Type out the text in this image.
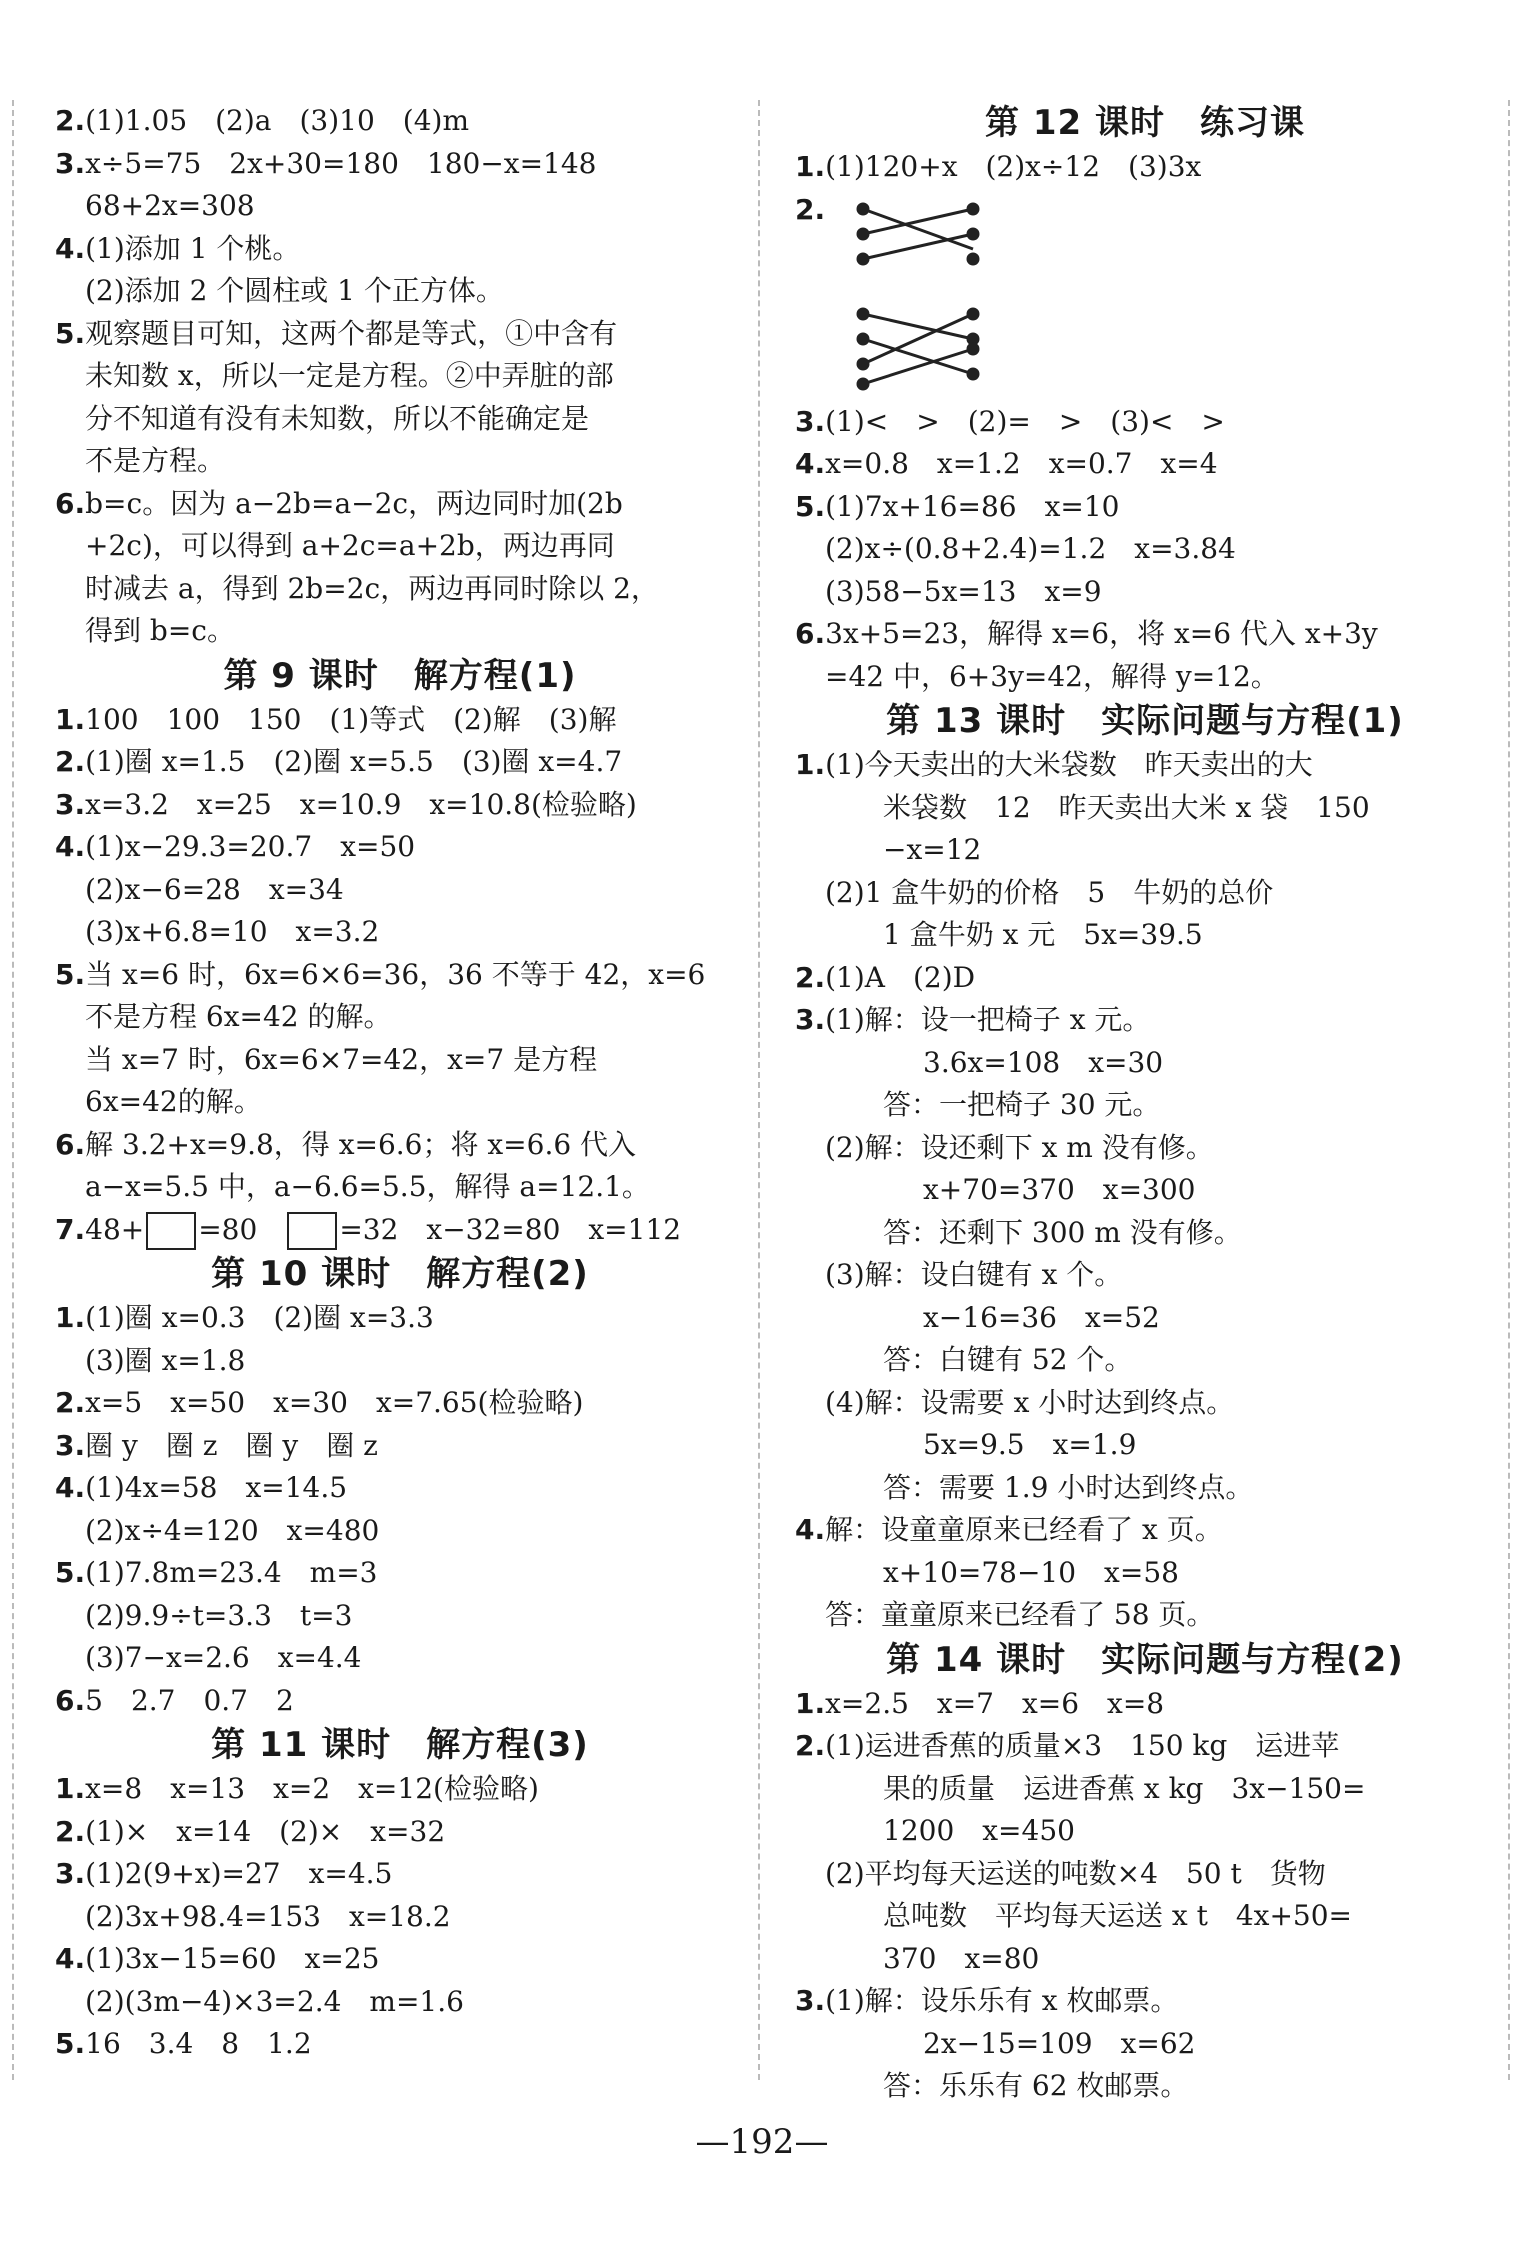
2.(1)1.05　(2)a　(3)10　(4)m
3.x÷5=75　2x+30=180　180−x=148
68+2x=308
4.(1)添加 1 个桃。
(2)添加 2 个圆柱或 1 个正方体。
5.观察题目可知，这两个都是等式，①中含有
未知数 x，所以一定是方程。②中弄脏的部
分不知道有没有未知数，所以不能确定是
不是方程。
6.b=c。因为 a−2b=a−2c，两边同时加(2b
+2c)，可以得到 a+2c=a+2b，两边再同
时减去 a，得到 2b=2c，两边再同时除以 2，
得到 b=c。
第 9 课时　解方程(1)
1.100　100　150　(1)等式　(2)解　(3)解
2.(1)圈 x=1.5　(2)圈 x=5.5　(3)圈 x=4.7
3.x=3.2　x=25　x=10.9　x=10.8(检验略)
4.(1)x−29.3=20.7　x=50
(2)x−6=28　x=34
(3)x+6.8=10　x=3.2
5.当 x=6 时，6x=6×6=36，36 不等于 42，x=6
不是方程 6x=42 的解。
当 x=7 时，6x=6×7=42，x=7 是方程
6x=42的解。
6.解 3.2+x=9.8，得 x=6.6；将 x=6.6 代入
a−x=5.5 中，a−6.6=5.5，解得 a=12.1。
7.48+ =80　	=32　x−32=80　x=112
第 10 课时　解方程(2)
1.(1)圈 x=0.3　(2)圈 x=3.3
(3)圈 x=1.8
2.x=5　x=50　x=30　x=7.65(检验略)
3.圈 y　圈 z　圈 y　圈 z
4.(1)4x=58　x=14.5
(2)x÷4=120　x=480
5.(1)7.8m=23.4　m=3
(2)9.9÷t=3.3　t=3
(3)7−x=2.6　x=4.4
6.5　2.7　0.7　2
第 11 课时　解方程(3)
1.x=8　x=13　x=2　x=12(检验略)
2.(1)×　x=14　(2)×　x=32
3.(1)2(9+x)=27　x=4.5
(2)3x+98.4=153　x=18.2
4.(1)3x−15=60　x=25
(2)(3m−4)×3=2.4　m=1.6
5.16　3.4　8　1.2
第 12 课时　练习课
1.(1)120+x　(2)x÷12　(3)3x
2.
3.(1)<　>　(2)=　>　(3)<　>
4.x=0.8　x=1.2　x=0.7　x=4
5.(1)7x+16=86　x=10
(2)x÷(0.8+2.4)=1.2　x=3.84
(3)58−5x=13　x=9
6.3x+5=23，解得 x=6，将 x=6 代入 x+3y
=42 中，6+3y=42，解得 y=12。
第 13 课时　实际问题与方程(1)
1.(1)今天卖出的大米袋数　昨天卖出的大
米袋数　12　昨天卖出大米 x 袋　150
−x=12
(2)1 盒牛奶的价格　5　牛奶的总价
1 盒牛奶 x 元　5x=39.5
2.(1)A　(2)D
3.(1)解：设一把椅子 x 元。
3.6x=108　x=30
答：一把椅子 30 元。
(2)解：设还剩下 x m 没有修。
x+70=370　x=300
答：还剩下 300 m 没有修。
(3)解：设白键有 x 个。
x−16=36　x=52
答：白键有 52 个。
(4)解：设需要 x 小时达到终点。
5x=9.5　x=1.9
答：需要 1.9 小时达到终点。
4.解：设童童原来已经看了 x 页。
x+10=78−10　x=58
答：童童原来已经看了 58 页。
第 14 课时　实际问题与方程(2)
1.x=2.5　x=7　x=6　x=8
2.(1)运进香蕉的质量×3　150 kg　运进苹
果的质量　运进香蕉 x kg　3x−150=
1200　x=450
(2)平均每天运送的吨数×4　50 t　货物
总吨数　平均每天运送 x t　4x+50=
370　x=80
3.(1)解：设乐乐有 x 枚邮票。
2x−15=109　x=62
答：乐乐有 62 枚邮票。
—192—
